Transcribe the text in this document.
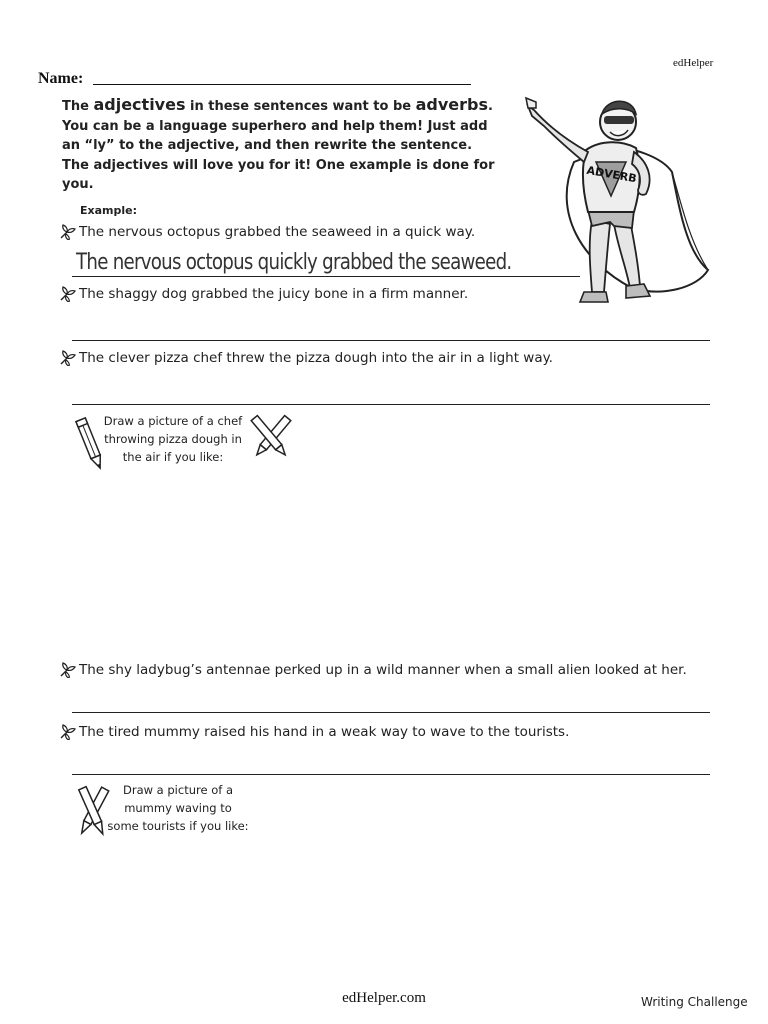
edHelper
Name:
The adjectives in these sentences want to be adverbs. You can be a language superhero and help them! Just add an “ly” to the adjective, and then rewrite the sentence. The adjectives will love you for it! One example is done for you.
Example:
The nervous octopus grabbed the seaweed in a quick way.
The nervous octopus quickly grabbed the seaweed.
The shaggy dog grabbed the juicy bone in a firm manner.
The clever pizza chef threw the pizza dough into the air in a light way.
Draw a picture of a chef
throwing pizza dough in
the air if you like:
The shy ladybug’s antennae perked up in a wild manner when a small alien looked at her.
The tired mummy raised his hand in a weak way to wave to the tourists.
Draw a picture of a
mummy waving to
some tourists if you like:
ADVERB
edHelper.com	Writing Challenge
